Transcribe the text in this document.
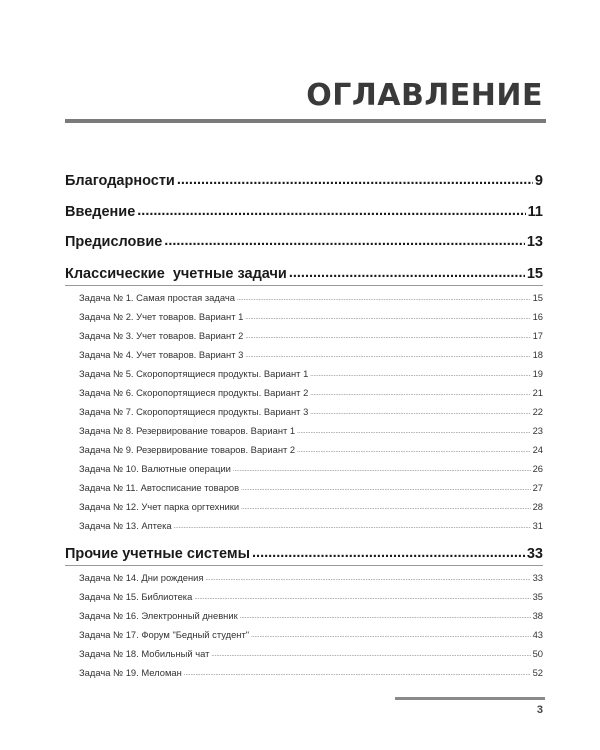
ОГЛАВЛЕНИЕ
Благодарности .....	9
Введение .....	11
Предисловие .....	13
Классические  учетные задачи .....	15
Задача № 1. Самая простая задача .....	15
Задача № 2. Учет товаров. Вариант 1 .....	16
Задача № 3. Учет товаров. Вариант 2 .....	17
Задача № 4. Учет товаров. Вариант 3 .....	18
Задача № 5. Скоропортящиеся продукты. Вариант 1 .....	19
Задача № 6. Скоропортящиеся продукты. Вариант 2 .....	21
Задача № 7. Скоропортящиеся продукты. Вариант 3 .....	22
Задача № 8. Резервирование товаров. Вариант 1 .....	23
Задача № 9. Резервирование товаров. Вариант 2 .....	24
Задача № 10. Валютные операции .....	26
Задача № 11. Автосписание товаров .....	27
Задача № 12. Учет парка оргтехники .....	28
Задача № 13. Аптека .....	31
Прочие учетные системы .....	33
Задача № 14. Дни рождения .....	33
Задача № 15. Библиотека .....	35
Задача № 16. Электронный дневник .....	38
Задача № 17. Форум "Бедный студент" .....	43
Задача № 18. Мобильный чат .....	50
Задача № 19. Меломан .....	52
3
